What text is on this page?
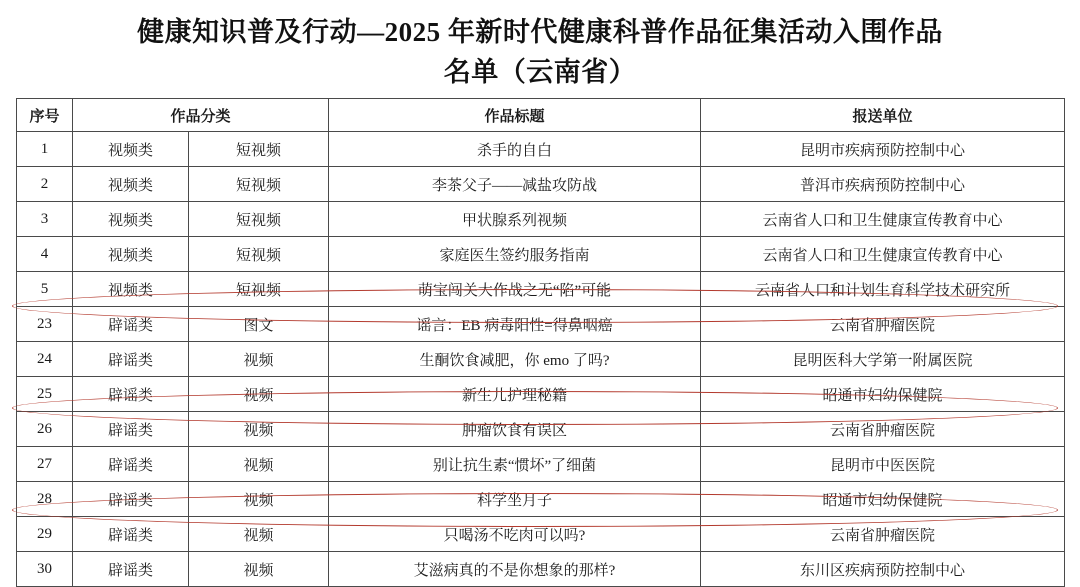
健康知识普及行动—2025 年新时代健康科普作品征集活动入围作品
名单（云南省）
序号	作品分类		作品标题	报送单位
1	视频类	短视频	杀手的自白	昆明市疾病预防控制中心
2	视频类	短视频	李茶父子——减盐攻防战	普洱市疾病预防控制中心
3	视频类	短视频	甲状腺系列视频	云南省人口和卫生健康宣传教育中心
4	视频类	短视频	家庭医生签约服务指南	云南省人口和卫生健康宣传教育中心
5	视频类	短视频	萌宝闯关大作战之无“陷”可能	云南省人口和计划生育科学技术研究所
23	辟谣类	图文	谣言：EB 病毒阳性=得鼻咽癌	云南省肿瘤医院
24	辟谣类	视频	生酮饮食减肥，你 emo 了吗?	昆明医科大学第一附属医院
25	辟谣类	视频	新生儿护理秘籍	昭通市妇幼保健院
26	辟谣类	视频	肿瘤饮食有误区	云南省肿瘤医院
27	辟谣类	视频	别让抗生素“惯坏”了细菌	昆明市中医医院
28	辟谣类	视频	科学坐月子	昭通市妇幼保健院
29	辟谣类	视频	只喝汤不吃肉可以吗?	云南省肿瘤医院
30	辟谣类	视频	艾滋病真的不是你想象的那样?	东川区疾病预防控制中心
